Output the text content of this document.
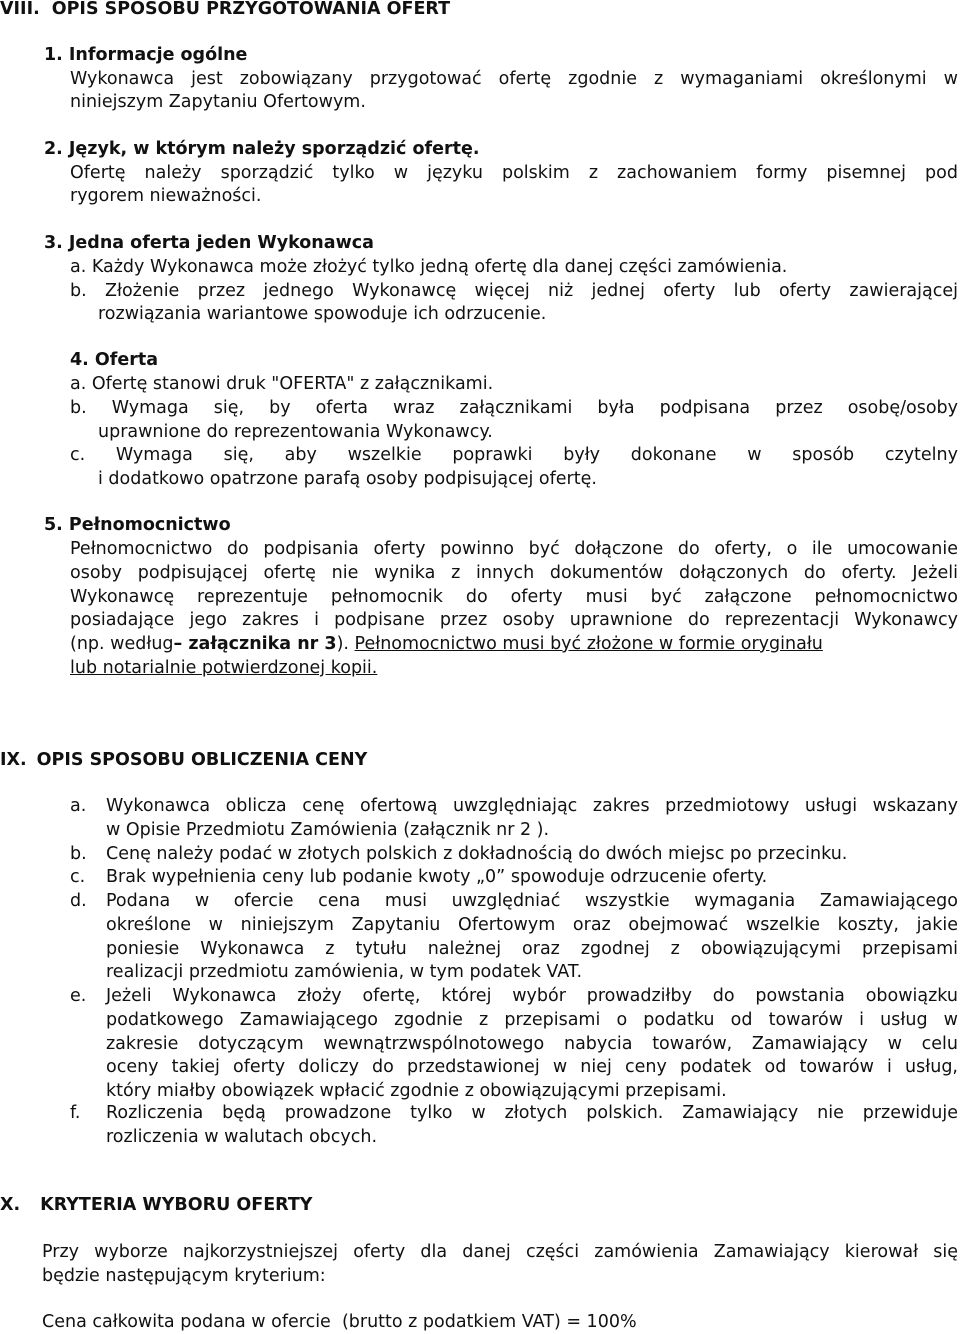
VIII. OPIS SPOSOBU PRZYGOTOWANIA OFERT
1. Informacje ogólne
Wykonawca jest zobowiązany przygotować ofertę zgodnie z wymaganiami określonymi w
niniejszym Zapytaniu Ofertowym.
2. Język, w którym należy sporządzić ofertę.
Ofertę należy sporządzić tylko w języku polskim z zachowaniem formy pisemnej pod
rygorem nieważności.
3. Jedna oferta jeden Wykonawca
a. Każdy Wykonawca może złożyć tylko jedną ofertę dla danej części zamówienia.
b. Złożenie przez jednego Wykonawcę więcej niż jednej oferty lub oferty zawierającej
rozwiązania wariantowe spowoduje ich odrzucenie.
4. Oferta
a. Ofertę stanowi druk "OFERTA" z załącznikami.
b. Wymaga się, by oferta wraz załącznikami była podpisana przez osobę/osoby
uprawnione do reprezentowania Wykonawcy.
c. Wymaga się, aby wszelkie poprawki były dokonane w sposób czytelny
i dodatkowo opatrzone parafą osoby podpisującej ofertę.
5. Pełnomocnictwo
Pełnomocnictwo do podpisania oferty powinno być dołączone do oferty, o ile umocowanie
osoby podpisującej ofertę nie wynika z innych dokumentów dołączonych do oferty. Jeżeli
Wykonawcę reprezentuje pełnomocnik do oferty musi być załączone pełnomocnictwo
posiadające jego zakres i podpisane przez osoby uprawnione do reprezentacji Wykonawcy
(np. według– załącznika nr 3). Pełnomocnictwo musi być złożone w formie oryginału
lub notarialnie potwierdzonej kopii.
IX. OPIS SPOSOBU OBLICZENIA CENY
a. Wykonawca oblicza cenę ofertową uwzględniając zakres przedmiotowy usługi wskazany
w Opisie Przedmiotu Zamówienia (załącznik nr 2 ).
b. Cenę należy podać w złotych polskich z dokładnością do dwóch miejsc po przecinku.
c. Brak wypełnienia ceny lub podanie kwoty „0” spowoduje odrzucenie oferty.
d. Podana w ofercie cena musi uwzględniać wszystkie wymagania Zamawiającego
określone w niniejszym Zapytaniu Ofertowym oraz obejmować wszelkie koszty, jakie
poniesie Wykonawca z tytułu należnej oraz zgodnej z obowiązującymi przepisami
realizacji przedmiotu zamówienia, w tym podatek VAT.
e. Jeżeli Wykonawca złoży ofertę, której wybór prowadziłby do powstania obowiązku
podatkowego Zamawiającego zgodnie z przepisami o podatku od towarów i usług w
zakresie dotyczącym wewnątrzwspólnotowego nabycia towarów, Zamawiający w celu
oceny takiej oferty doliczy do przedstawionej w niej ceny podatek od towarów i usług,
który miałby obowiązek wpłacić zgodnie z obowiązującymi przepisami.
f. Rozliczenia będą prowadzone tylko w złotych polskich. Zamawiający nie przewiduje
rozliczenia w walutach obcych.
X. KRYTERIA WYBORU OFERTY
Przy wyborze najkorzystniejszej oferty dla danej części zamówienia Zamawiający kierował się
będzie następującym kryterium:
Cena całkowita podana w ofercie  (brutto z podatkiem VAT) = 100%
